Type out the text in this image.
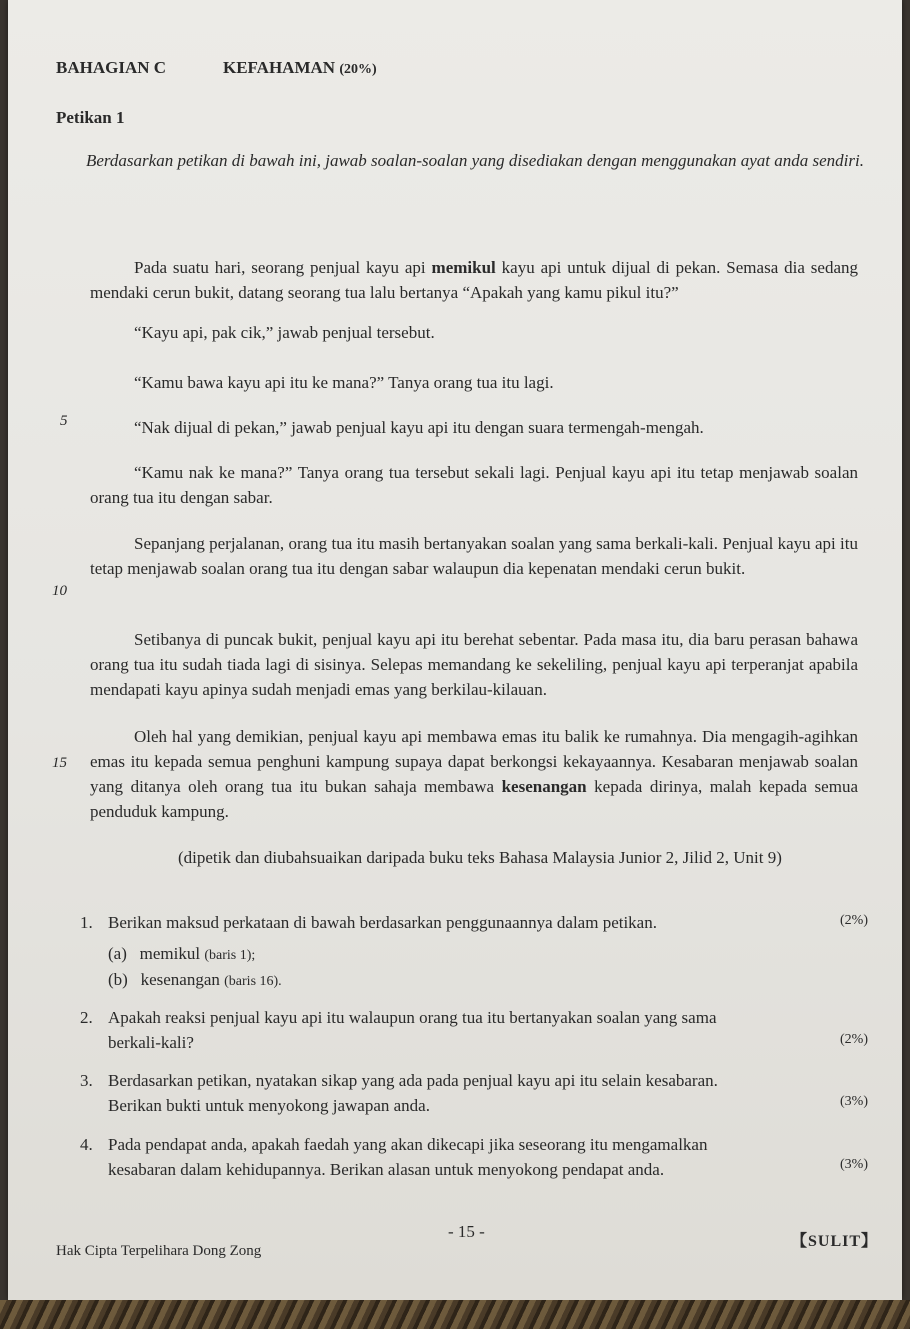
BAHAGIAN C	KEFAHAMAN (20%)
Petikan 1
Berdasarkan petikan di bawah ini, jawab soalan-soalan yang disediakan dengan menggunakan ayat anda sendiri.
Pada suatu hari, seorang penjual kayu api memikul kayu api untuk dijual di pekan. Semasa dia sedang mendaki cerun bukit, datang seorang tua lalu bertanya “Apakah yang kamu pikul itu?”
“Kayu api, pak cik,” jawab penjual tersebut.
“Kamu bawa kayu api itu ke mana?” Tanya orang tua itu lagi.
5	“Nak dijual di pekan,” jawab penjual kayu api itu dengan suara termengah-mengah.
“Kamu nak ke mana?” Tanya orang tua tersebut sekali lagi. Penjual kayu api itu tetap menjawab soalan orang tua itu dengan sabar.
Sepanjang perjalanan, orang tua itu masih bertanyakan soalan yang sama berkali-kali. Penjual kayu api itu tetap menjawab soalan orang tua itu dengan sabar walaupun dia kepenatan mendaki cerun bukit.
10
Setibanya di puncak bukit, penjual kayu api itu berehat sebentar. Pada masa itu, dia baru perasan bahawa orang tua itu sudah tiada lagi di sisinya. Selepas memandang ke sekeliling, penjual kayu api terperanjat apabila mendapati kayu apinya sudah menjadi emas yang berkilau-kilauan.
Oleh hal yang demikian, penjual kayu api membawa emas itu balik ke rumahnya. Dia mengagih-agihkan emas itu kepada semua penghuni kampung supaya dapat berkongsi kekayaannya. Kesabaran menjawab soalan yang ditanya oleh orang tua itu bukan sahaja membawa kesenangan kepada dirinya, malah kepada semua penduduk kampung.
15
(dipetik dan diubahsuaikan daripada buku teks Bahasa Malaysia Junior 2, Jilid 2, Unit 9)
1. Berikan maksud perkataan di bawah berdasarkan penggunaannya dalam petikan.	(2%)
(a) memikul (baris 1);
(b) kesenangan (baris 16).
2. Apakah reaksi penjual kayu api itu walaupun orang tua itu bertanyakan soalan yang sama
berkali-kali?	(2%)
3. Berdasarkan petikan, nyatakan sikap yang ada pada penjual kayu api itu selain kesabaran.
Berikan bukti untuk menyokong jawapan anda.	(3%)
4. Pada pendapat anda, apakah faedah yang akan dikecapi jika seseorang itu mengamalkan
kesabaran dalam kehidupannya. Berikan alasan untuk menyokong pendapat anda.	(3%)
- 15 -
【SULIT】
Hak Cipta Terpelihara Dong Zong
